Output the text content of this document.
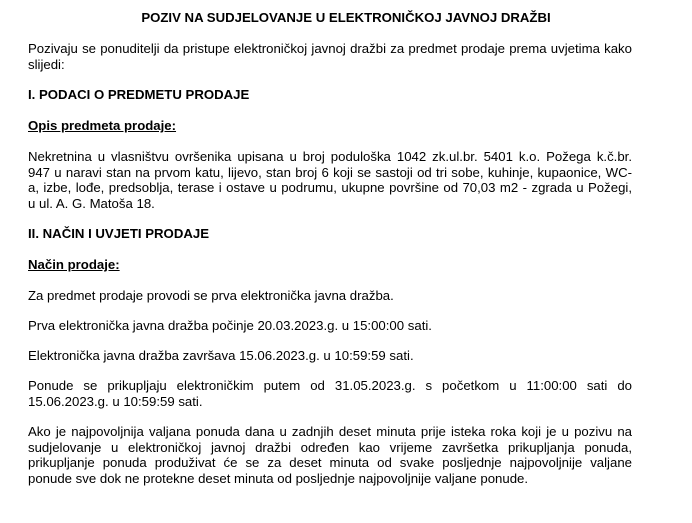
POZIV NA SUDJELOVANJE U ELEKTRONIČKOJ JAVNOJ DRAŽBI
Pozivaju se ponuditelji da pristupe elektroničkoj javnoj dražbi za predmet prodaje prema uvjetima kako
slijedi:
I. PODACI O PREDMETU PRODAJE
Opis predmeta prodaje:
Nekretnina u vlasništvu ovršenika upisana u broj poduloška 1042 zk.ul.br. 5401 k.o. Požega k.č.br.
947 u naravi stan na prvom katu, lijevo, stan broj 6 koji se sastoji od tri sobe, kuhinje, kupaonice, WC-
a, izbe, lođe, predsoblja, terase i ostave u podrumu, ukupne površine od 70,03 m2 - zgrada u Požegi,
u ul. A. G. Matoša 18.
II. NAČIN I UVJETI PRODAJE
Način prodaje:
Za predmet prodaje provodi se prva elektronička javna dražba.
Prva elektronička javna dražba počinje 20.03.2023.g. u 15:00:00 sati.
Elektronička javna dražba završava 15.06.2023.g. u 10:59:59 sati.
Ponude se prikupljaju elektroničkim putem od 31.05.2023.g. s početkom u 11:00:00 sati do
15.06.2023.g. u 10:59:59 sati.
Ako je najpovoljnija valjana ponuda dana u zadnjih deset minuta prije isteka roka koji je u pozivu na
sudjelovanje u elektroničkoj javnoj dražbi određen kao vrijeme završetka prikupljanja ponuda,
prikupljanje ponuda produživat će se za deset minuta od svake posljednje najpovoljnije valjane
ponude sve dok ne protekne deset minuta od posljednje najpovoljnije valjane ponude.
